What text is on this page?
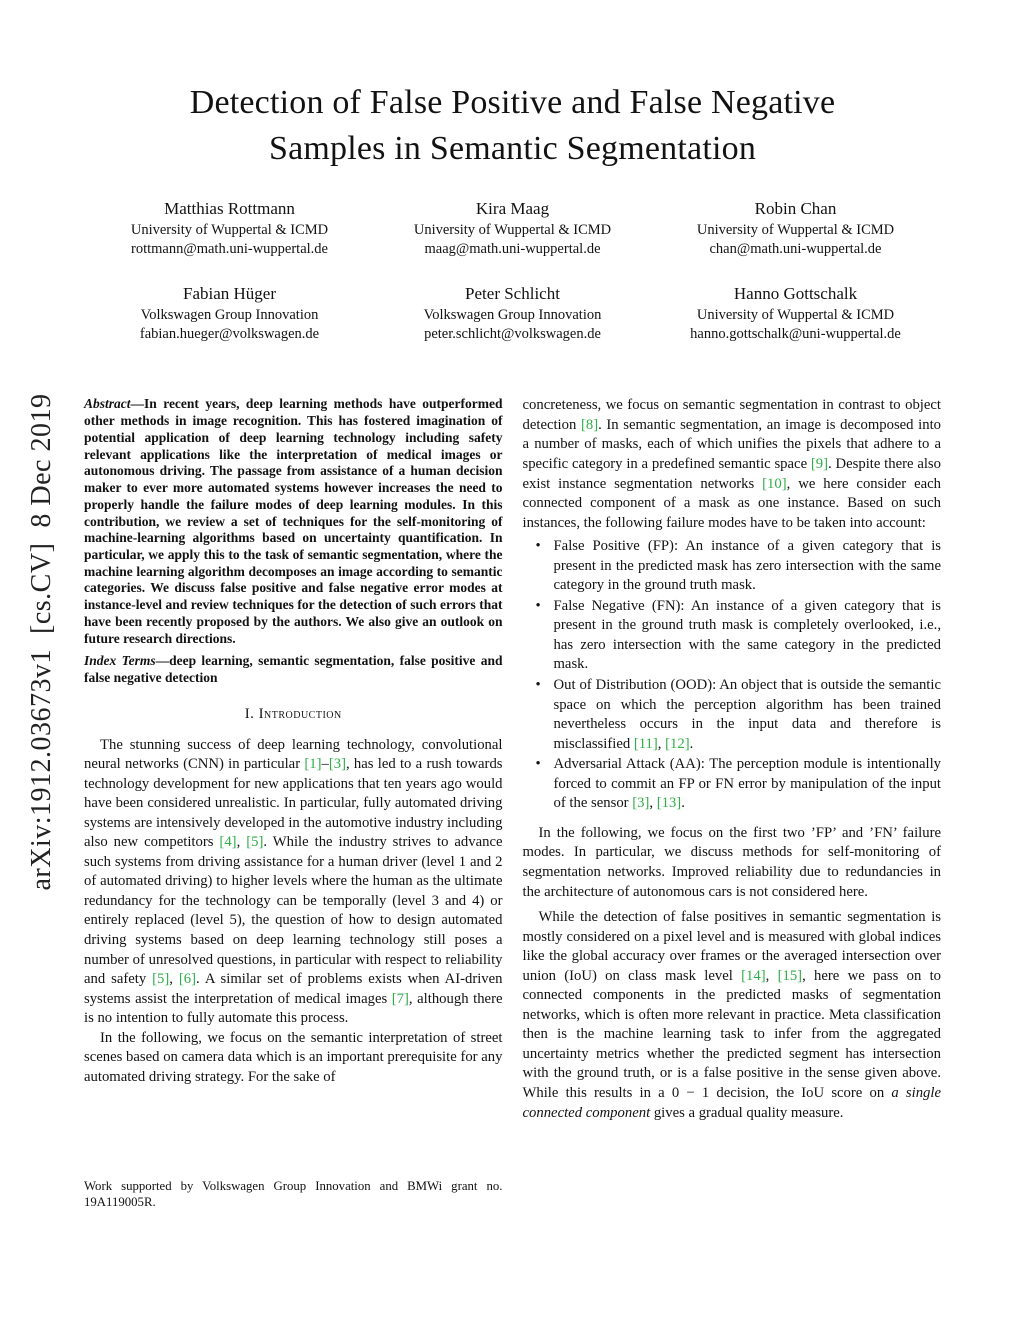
arXiv:1912.03673v1  [cs.CV]  8 Dec 2019
Detection of False Positive and False Negative
Samples in Semantic Segmentation
Matthias Rottmann
University of Wuppertal & ICMD
rottmann@math.uni-wuppertal.de
Kira Maag
University of Wuppertal & ICMD
maag@math.uni-wuppertal.de
Robin Chan
University of Wuppertal & ICMD
chan@math.uni-wuppertal.de
Fabian Hüger
Volkswagen Group Innovation
fabian.hueger@volkswagen.de
Peter Schlicht
Volkswagen Group Innovation
peter.schlicht@volkswagen.de
Hanno Gottschalk
University of Wuppertal & ICMD
hanno.gottschalk@uni-wuppertal.de

Abstract—In recent years, deep learning methods have outperformed other methods in image recognition. This has fostered imagination of potential application of deep learning technology including safety relevant applications like the interpretation of medical images or autonomous driving. The passage from assistance of a human decision maker to ever more automated systems however increases the need to properly handle the failure modes of deep learning modules. In this contribution, we review a set of techniques for the self-monitoring of machine-learning algorithms based on uncertainty quantification. In particular, we apply this to the task of semantic segmentation, where the machine learning algorithm decomposes an image according to semantic categories. We discuss false positive and false negative error modes at instance-level and review techniques for the detection of such errors that have been recently proposed by the authors. We also give an outlook on future research directions.

Index Terms—deep learning, semantic segmentation, false positive and false negative detection

I. Introduction

The stunning success of deep learning technology, convolutional neural networks (CNN) in particular [1]–[3], has led to a rush towards technology development for new applications that ten years ago would have been considered unrealistic. In particular, fully automated driving systems are intensively developed in the automotive industry including also new competitors [4], [5]. While the industry strives to advance such systems from driving assistance for a human driver (level 1 and 2 of automated driving) to higher levels where the human as the ultimate redundancy for the technology can be temporally (level 3 and 4) or entirely replaced (level 5), the question of how to design automated driving systems based on deep learning technology still poses a number of unresolved questions, in particular with respect to reliability and safety [5], [6]. A similar set of problems exists when AI-driven systems assist the interpretation of medical images [7], although there is no intention to fully automate this process.

In the following, we focus on the semantic interpretation of street scenes based on camera data which is an important prerequisite for any automated driving strategy. For the sake of

Work supported by Volkswagen Group Innovation and BMWi grant no. 19A119005R.

concreteness, we focus on semantic segmentation in contrast to object detection [8]. In semantic segmentation, an image is decomposed into a number of masks, each of which unifies the pixels that adhere to a specific category in a predefined semantic space [9]. Despite there also exist instance segmentation networks [10], we here consider each connected component of a mask as one instance. Based on such instances, the following failure modes have to be taken into account:

• False Positive (FP): An instance of a given category that is present in the predicted mask has zero intersection with the same category in the ground truth mask.
• False Negative (FN): An instance of a given category that is present in the ground truth mask is completely overlooked, i.e., has zero intersection with the same category in the predicted mask.
• Out of Distribution (OOD): An object that is outside the semantic space on which the perception algorithm has been trained nevertheless occurs in the input data and therefore is misclassified [11], [12].
• Adversarial Attack (AA): The perception module is intentionally forced to commit an FP or FN error by manipulation of the input of the sensor [3], [13].

In the following, we focus on the first two ’FP’ and ’FN’ failure modes. In particular, we discuss methods for self-monitoring of segmentation networks. Improved reliability due to redundancies in the architecture of autonomous cars is not considered here.

While the detection of false positives in semantic segmentation is mostly considered on a pixel level and is measured with global indices like the global accuracy over frames or the averaged intersection over union (IoU) on class mask level [14], [15], here we pass on to connected components in the predicted masks of segmentation networks, which is often more relevant in practice. Meta classification then is the machine learning task to infer from the aggregated uncertainty metrics whether the predicted segment has intersection with the ground truth, or is a false positive in the sense given above. While this results in a 0 − 1 decision, the IoU score on a single connected component gives a gradual quality measure.
